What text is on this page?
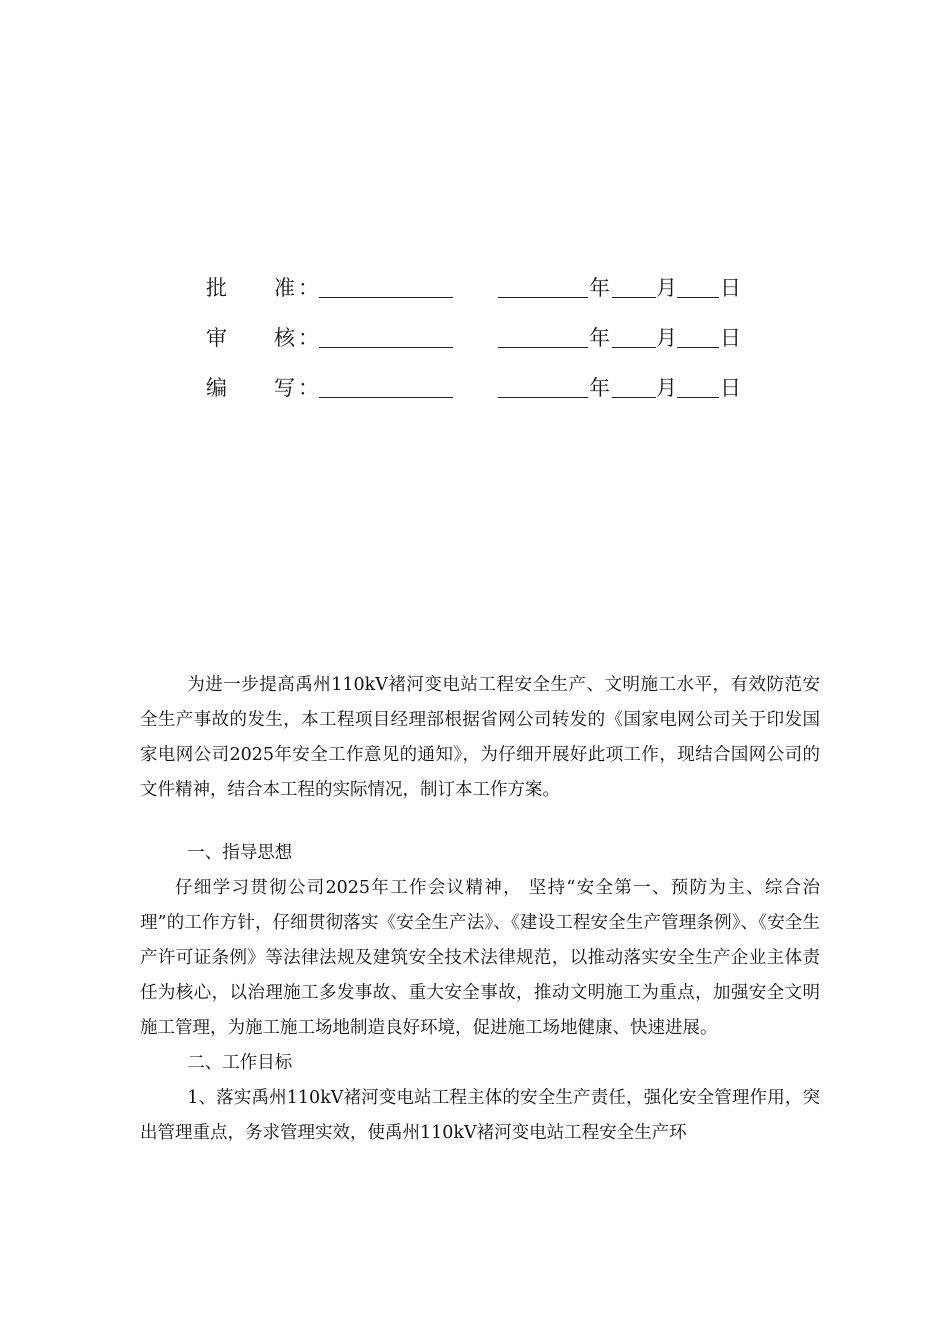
批 准 ：	年 月 日
审 核 ：	年 月 日
编 写 ：	年 月 日

为进一步提高禹州110kV褚河变电站工程安全生产、文明施工水平，有效防范安全生产事故的发生，本工程项目经理部根据省网公司转发的《国家电网公司关于印发国家电网公司2025年安全工作意见的通知》，为仔细开展好此项工作，现结合国网公司的文件精神，结合本工程的实际情况，制订本工作方案。

一、指导思想

仔细学习贯彻公司2025年工作会议精神， 坚持“安全第一、预防为主、综合治理”的工作方针，仔细贯彻落实《安全生产法》、《建设工程安全生产管理条例》、《安全生产许可证条例》等法律法规及建筑安全技术法律规范，以推动落实安全生产企业主体责任为核心，以治理施工多发事故、重大安全事故，推动文明施工为重点，加强安全文明施工管理，为施工施工场地制造良好环境，促进施工场地健康、快速进展。

二、工作目标

1、落实禹州110kV褚河变电站工程主体的安全生产责任，强化安全管理作用，突出管理重点，务求管理实效，使禹州110kV褚河变电站工程安全生产环
